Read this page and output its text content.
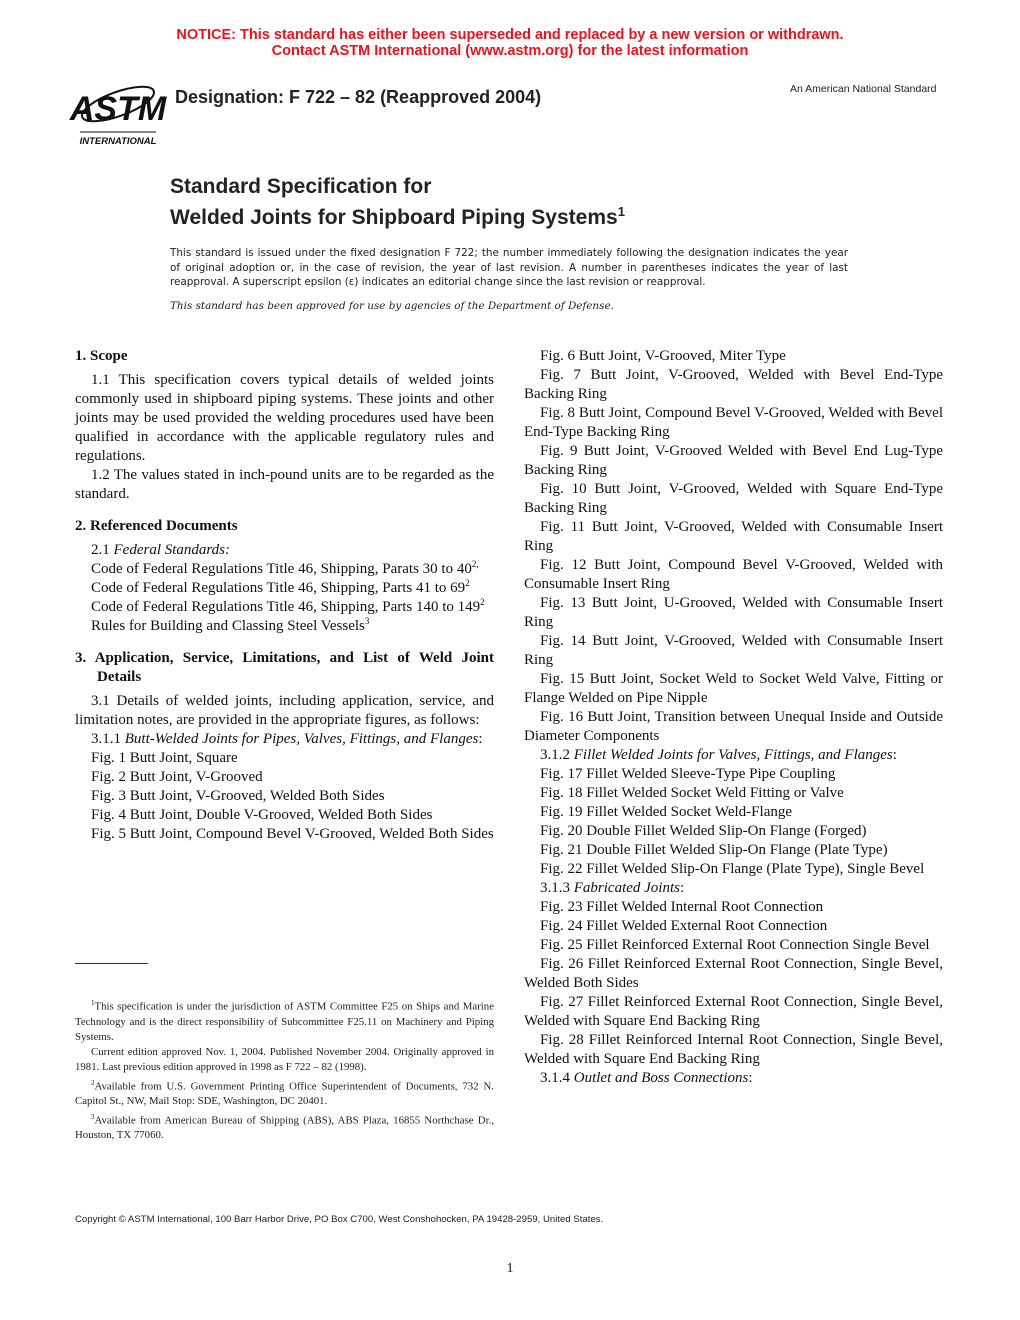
NOTICE: This standard has either been superseded and replaced by a new version or withdrawn.
Contact ASTM International (www.astm.org) for the latest information
ASTM
INTERNATIONAL
Designation: F 722 – 82 (Reapproved 2004)	An American National Standard
Standard Specification for
Welded Joints for Shipboard Piping Systems$^1$
This standard is issued under the fixed designation F 722; the number immediately following the designation indicates the year of original adoption or, in the case of revision, the year of last revision. A number in parentheses indicates the year of last reapproval. A superscript epsilon (ε) indicates an editorial change since the last revision or reapproval.
This standard has been approved for use by agencies of the Department of Defense.
1. Scope
1.1 This specification covers typical details of welded joints commonly used in shipboard piping systems. These joints and other joints may be used provided the welding procedures used have been qualified in accordance with the applicable regulatory rules and regulations.
1.2 The values stated in inch-pound units are to be regarded as the standard.
2. Referenced Documents
2.1 Federal Standards:
Code of Federal Regulations Title 46, Shipping, Parats 30 to $40^{2,}$
Code of Federal Regulations Title 46, Shipping, Parts 41 to $69^2$
Code of Federal Regulations Title 46, Shipping, Parts 140 to $149^2$
Rules for Building and Classing Steel Vessels$^3$
3. Application, Service, Limitations, and List of Weld Joint Details
3.1 Details of welded joints, including application, service, and limitation notes, are provided in the appropriate figures, as follows:
3.1.1 Butt-Welded Joints for Pipes, Valves, Fittings, and Flanges:
Fig. 1 Butt Joint, Square
Fig. 2 Butt Joint, V-Grooved
Fig. 3 Butt Joint, V-Grooved, Welded Both Sides
Fig. 4 Butt Joint, Double V-Grooved, Welded Both Sides
Fig. 5 Butt Joint, Compound Bevel V-Grooved, Welded Both Sides
Fig. 6 Butt Joint, V-Grooved, Miter Type
Fig. 7 Butt Joint, V-Grooved, Welded with Bevel End-Type Backing Ring
Fig. 8 Butt Joint, Compound Bevel V-Grooved, Welded with Bevel End-Type Backing Ring
Fig. 9 Butt Joint, V-Grooved Welded with Bevel End Lug-Type Backing Ring
Fig. 10 Butt Joint, V-Grooved, Welded with Square End-Type Backing Ring
Fig. 11 Butt Joint, V-Grooved, Welded with Consumable Insert Ring
Fig. 12 Butt Joint, Compound Bevel V-Grooved, Welded with Consumable Insert Ring
Fig. 13 Butt Joint, U-Grooved, Welded with Consumable Insert Ring
Fig. 14 Butt Joint, V-Grooved, Welded with Consumable Insert Ring
Fig. 15 Butt Joint, Socket Weld to Socket Weld Valve, Fitting or Flange Welded on Pipe Nipple
Fig. 16 Butt Joint, Transition between Unequal Inside and Outside Diameter Components
3.1.2 Fillet Welded Joints for Valves, Fittings, and Flanges:
Fig. 17 Fillet Welded Sleeve-Type Pipe Coupling
Fig. 18 Fillet Welded Socket Weld Fitting or Valve
Fig. 19 Fillet Welded Socket Weld-Flange
Fig. 20 Double Fillet Welded Slip-On Flange (Forged)
Fig. 21 Double Fillet Welded Slip-On Flange (Plate Type)
Fig. 22 Fillet Welded Slip-On Flange (Plate Type), Single Bevel
3.1.3 Fabricated Joints:
Fig. 23 Fillet Welded Internal Root Connection
Fig. 24 Fillet Welded External Root Connection
Fig. 25 Fillet Reinforced External Root Connection Single Bevel
Fig. 26 Fillet Reinforced External Root Connection, Single Bevel, Welded Both Sides
Fig. 27 Fillet Reinforced External Root Connection, Single Bevel, Welded with Square End Backing Ring
Fig. 28 Fillet Reinforced Internal Root Connection, Single Bevel, Welded with Square End Backing Ring
3.1.4 Outlet and Boss Connections:
$^1$This specification is under the jurisdiction of ASTM Committee F25 on Ships and Marine Technology and is the direct responsibility of Subcommittee F25.11 on Machinery and Piping Systems.
Current edition approved Nov. 1, 2004. Published November 2004. Originally approved in 1981. Last previous edition approved in 1998 as F 722 – 82 (1998).
$^2$Available from U.S. Government Printing Office Superintendent of Documents, 732 N. Capitol St., NW, Mail Stop: SDE, Washington, DC 20401.
$^3$Available from American Bureau of Shipping (ABS), ABS Plaza, 16855 Northchase Dr., Houston, TX 77060.
Copyright © ASTM International, 100 Barr Harbor Drive, PO Box C700, West Conshohocken, PA 19428-2959, United States.
1
